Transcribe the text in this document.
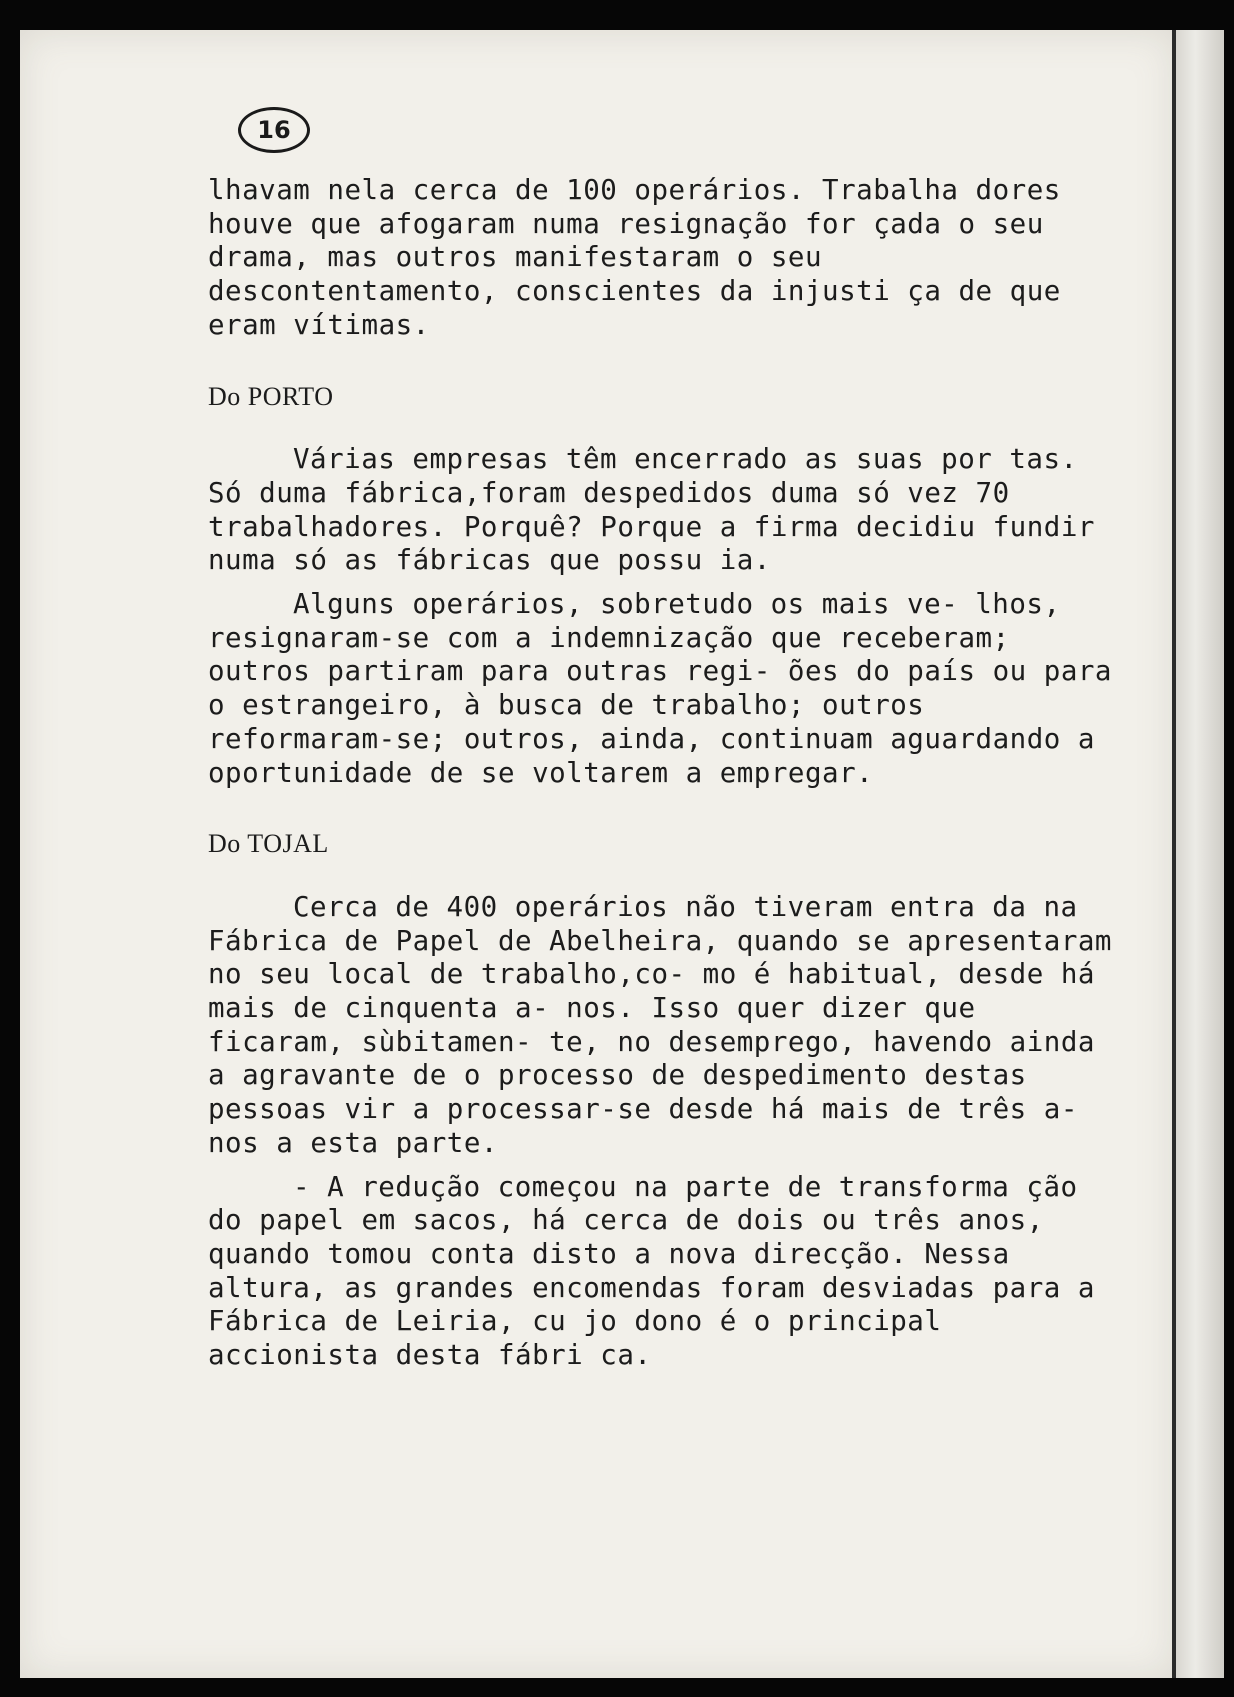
16

lhavam nela cerca de 100 operários. Trabalha dores houve que afogaram numa resignação for çada o seu drama, mas outros manifestaram o seu descontentamento, conscientes da injusti ça de que eram vítimas.

Do PORTO

Várias empresas têm encerrado as suas por tas. Só duma fábrica,foram despedidos duma só vez 70 trabalhadores. Porquê? Porque a firma decidiu fundir numa só as fábricas que possu ia.

Alguns operários, sobretudo os mais ve- lhos, resignaram-se com a indemnização que receberam; outros partiram para outras regi- ões do país ou para o estrangeiro, à busca de trabalho; outros reformaram-se; outros, ainda, continuam aguardando a oportunidade de se voltarem a empregar.

Do TOJAL

Cerca de 400 operários não tiveram entra da na Fábrica de Papel de Abelheira, quando se apresentaram no seu local de trabalho,co- mo é habitual, desde há mais de cinquenta a- nos. Isso quer dizer que ficaram, sùbitamen- te, no desemprego, havendo ainda a agravante de o processo de despedimento destas pessoas vir a processar-se desde há mais de três a- nos a esta parte.

- A redução começou na parte de transforma ção do papel em sacos, há cerca de dois ou três anos, quando tomou conta disto a nova direcção. Nessa altura, as grandes encomendas foram desviadas para a Fábrica de Leiria, cu jo dono é o principal accionista desta fábri ca.
